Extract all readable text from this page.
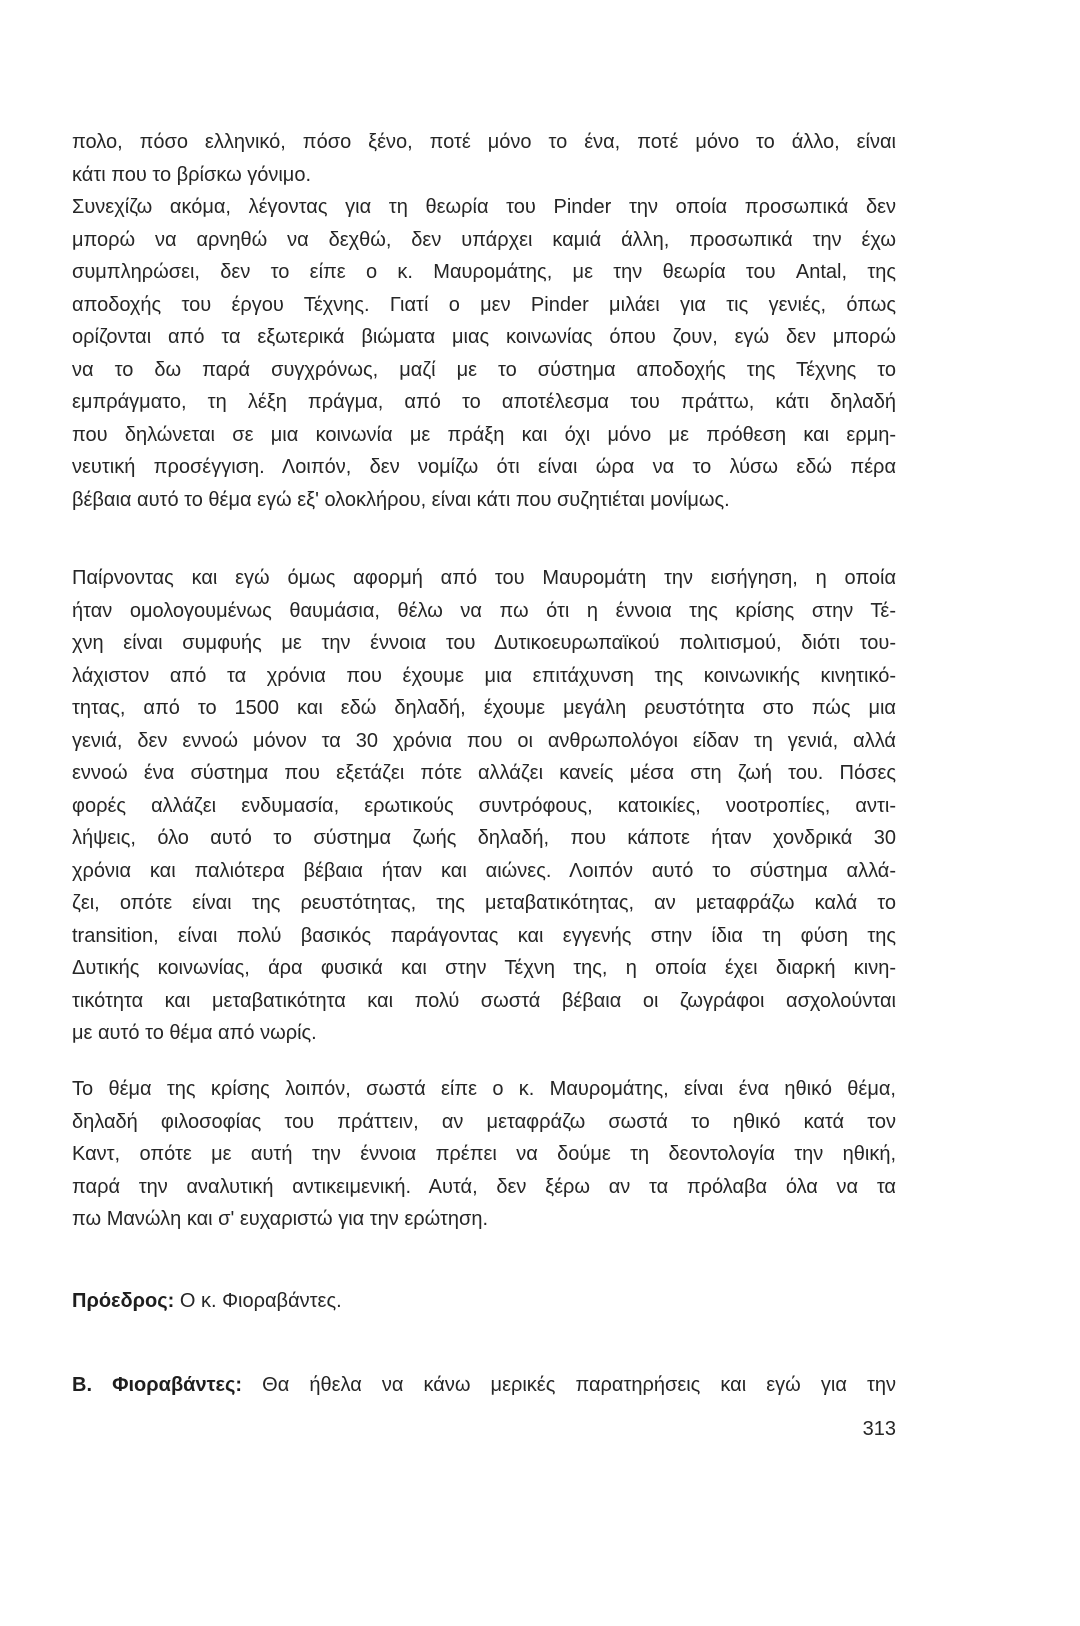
πολο, πόσο ελληνικό, πόσο ξένο, ποτέ μόνο το ένα, ποτέ μόνο το άλλο, είναι
κάτι που το βρίσκω γόνιμο.
Συνεχίζω ακόμα, λέγοντας για τη θεωρία του Pinder την οποία προσωπικά δεν
μπορώ να αρνηθώ να δεχθώ, δεν υπάρχει καμιά άλλη, προσωπικά την έχω
συμπληρώσει, δεν το είπε ο κ. Μαυρομάτης, με την θεωρία του Antal, της
αποδοχής του έργου Τέχνης. Γιατί ο μεν Pinder μιλάει για τις γενιές, όπως
ορίζονται από τα εξωτερικά βιώματα μιας κοινωνίας όπου ζουν, εγώ δεν μπορώ
να το δω παρά συγχρόνως, μαζί με το σύστημα αποδοχής της Τέχνης το
εμπράγματο, τη λέξη πράγμα, από το αποτέλεσμα του πράττω, κάτι δηλαδή
που δηλώνεται σε μια κοινωνία με πράξη και όχι μόνο με πρόθεση και ερμη-
νευτική προσέγγιση. Λοιπόν, δεν νομίζω ότι είναι ώρα να το λύσω εδώ πέρα
βέβαια αυτό το θέμα εγώ εξ' ολοκλήρου, είναι κάτι που συζητιέται μονίμως.
Παίρνοντας και εγώ όμως αφορμή από του Μαυρομάτη την εισήγηση, η οποία
ήταν ομολογουμένως θαυμάσια, θέλω να πω ότι η έννοια της κρίσης στην Τέ-
χνη είναι συμφυής με την έννοια του Δυτικοευρωπαϊκού πολιτισμού, διότι του-
λάχιστον από τα χρόνια που έχουμε μια επιτάχυνση της κοινωνικής κινητικό-
τητας, από το 1500 και εδώ δηλαδή, έχουμε μεγάλη ρευστότητα στο πώς μια
γενιά, δεν εννοώ μόνον τα 30 χρόνια που οι ανθρωπολόγοι είδαν τη γενιά, αλλά
εννοώ ένα σύστημα που εξετάζει πότε αλλάζει κανείς μέσα στη ζωή του. Πόσες
φορές αλλάζει ενδυμασία, ερωτικούς συντρόφους, κατοικίες, νοοτροπίες, αντι-
λήψεις, όλο αυτό το σύστημα ζωής δηλαδή, που κάποτε ήταν χονδρικά 30
χρόνια και παλιότερα βέβαια ήταν και αιώνες. Λοιπόν αυτό το σύστημα αλλά-
ζει, οπότε είναι της ρευστότητας, της μεταβατικότητας, αν μεταφράζω καλά το
transition, είναι πολύ βασικός παράγοντας και εγγενής στην ίδια τη φύση της
Δυτικής κοινωνίας, άρα φυσικά και στην Τέχνη της, η οποία έχει διαρκή κινη-
τικότητα και μεταβατικότητα και πολύ σωστά βέβαια οι ζωγράφοι ασχολούνται
με αυτό το θέμα από νωρίς.
Το θέμα της κρίσης λοιπόν, σωστά είπε ο κ. Μαυρομάτης, είναι ένα ηθικό θέμα,
δηλαδή φιλοσοφίας του πράττειν, αν μεταφράζω σωστά το ηθικό κατά τον
Καντ, οπότε με αυτή την έννοια πρέπει να δούμε τη δεοντολογία την ηθική,
παρά την αναλυτική αντικειμενική. Αυτά, δεν ξέρω αν τα πρόλαβα όλα να τα
πω Μανώλη και σ' ευχαριστώ για την ερώτηση.
Πρόεδρος: Ο κ. Φιοραβάντες.
Β. Φιοραβάντες: Θα ήθελα να κάνω μερικές παρατηρήσεις και εγώ για την
313
